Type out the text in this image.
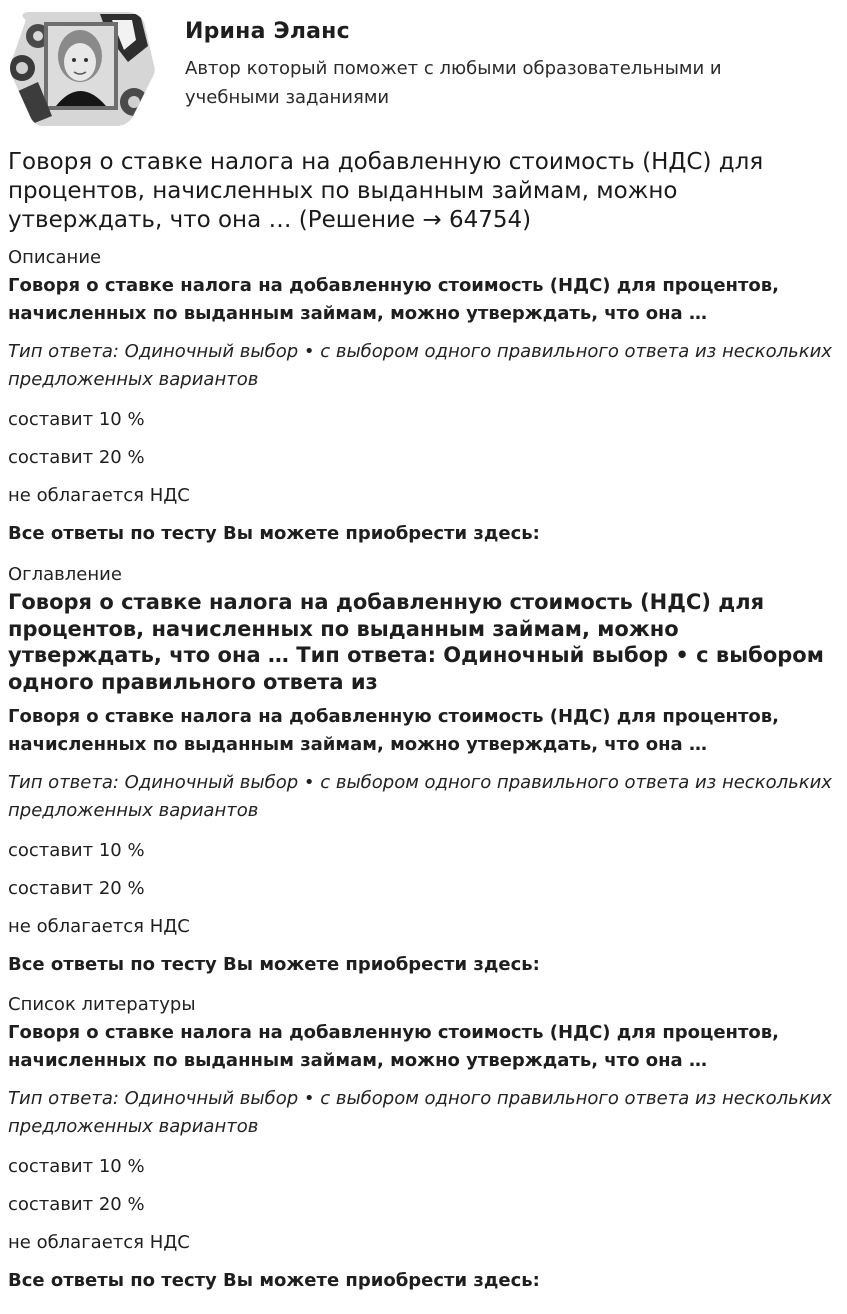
Ирина Эланс
Автор который поможет с любыми образовательными и учебными заданиями
Говоря о ставке налога на добавленную стоимость (НДС) для процентов, начисленных по выданным займам, можно утверждать, что она … (Решение → 64754)
Описание
Говоря о ставке налога на добавленную стоимость (НДС) для процентов, начисленных по выданным займам, можно утверждать, что она …
Тип ответа: Одиночный выбор • с выбором одного правильного ответа из нескольких предложенных вариантов
составит 10 %
составит 20 %
не облагается НДС
Все ответы по тесту Вы можете приобрести здесь:
Оглавление
Говоря о ставке налога на добавленную стоимость (НДС) для процентов, начисленных по выданным займам, можно утверждать, что она … Тип ответа: Одиночный выбор • с выбором одного правильного ответа из
Говоря о ставке налога на добавленную стоимость (НДС) для процентов, начисленных по выданным займам, можно утверждать, что она …
Тип ответа: Одиночный выбор • с выбором одного правильного ответа из нескольких предложенных вариантов
составит 10 %
составит 20 %
не облагается НДС
Все ответы по тесту Вы можете приобрести здесь:
Список литературы
Говоря о ставке налога на добавленную стоимость (НДС) для процентов, начисленных по выданным займам, можно утверждать, что она …
Тип ответа: Одиночный выбор • с выбором одного правильного ответа из нескольких предложенных вариантов
составит 10 %
составит 20 %
не облагается НДС
Все ответы по тесту Вы можете приобрести здесь:
